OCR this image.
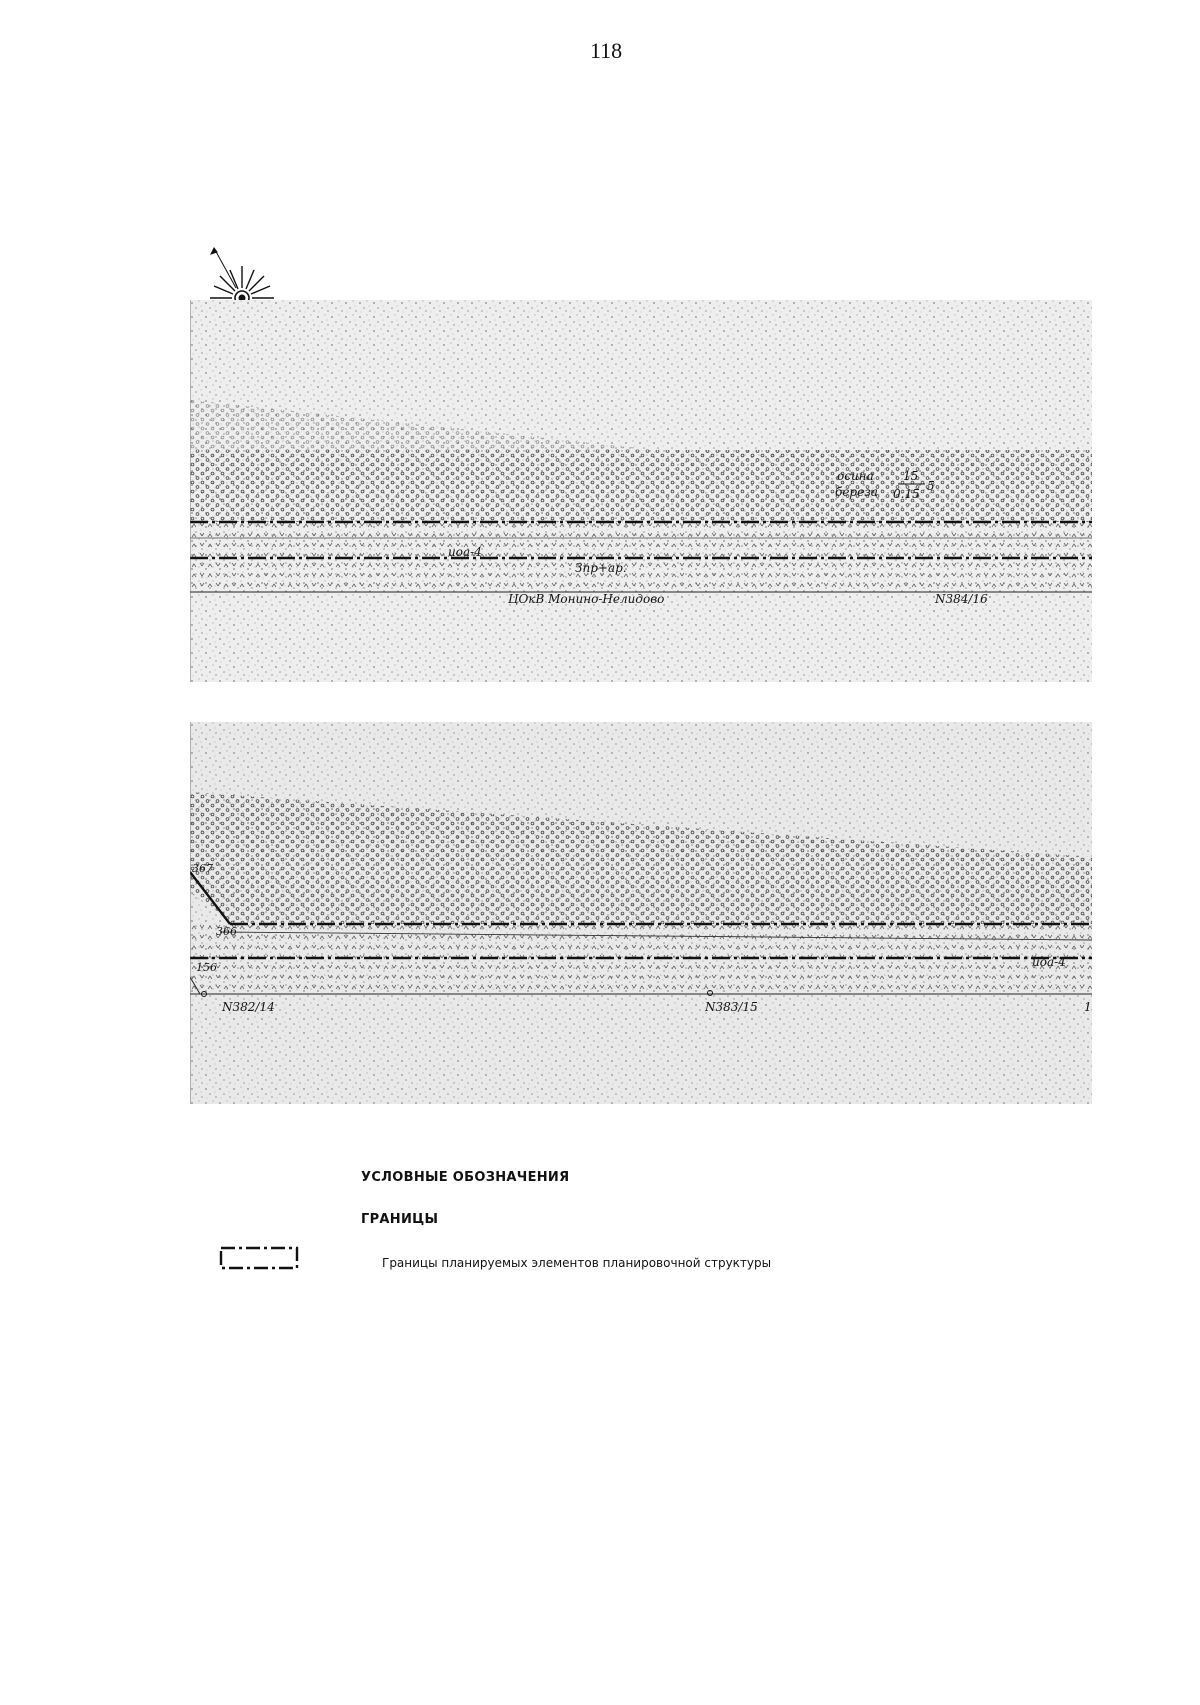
118
осина
береза
15
0.15
5
иоа-4
Зпр+ар.
ЦОкВ Монино-Нелидово	N384/16
367
366
156
N382/14	N383/15
иоа-4
1
УСЛОВНЫЕ ОБОЗНАЧЕНИЯ
ГРАНИЦЫ
Границы планируемых элементов планировочной структуры
